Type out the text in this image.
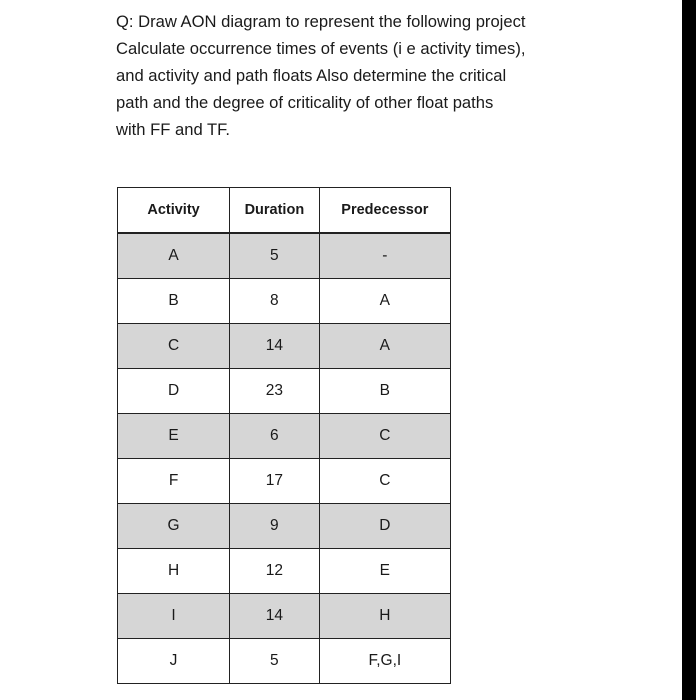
Q: Draw AON diagram to represent the following project
Calculate occurrence times of events (i e activity times),
and activity and path floats Also determine the critical
path and the degree of criticality of other float paths
with FF and TF.
Activity	Duration	Predecessor
A	5	-
B	8	A
C	14	A
D	23	B
E	6	C
F	17	C
G	9	D
H	12	E
I	14	H
J	5	F,G,I
